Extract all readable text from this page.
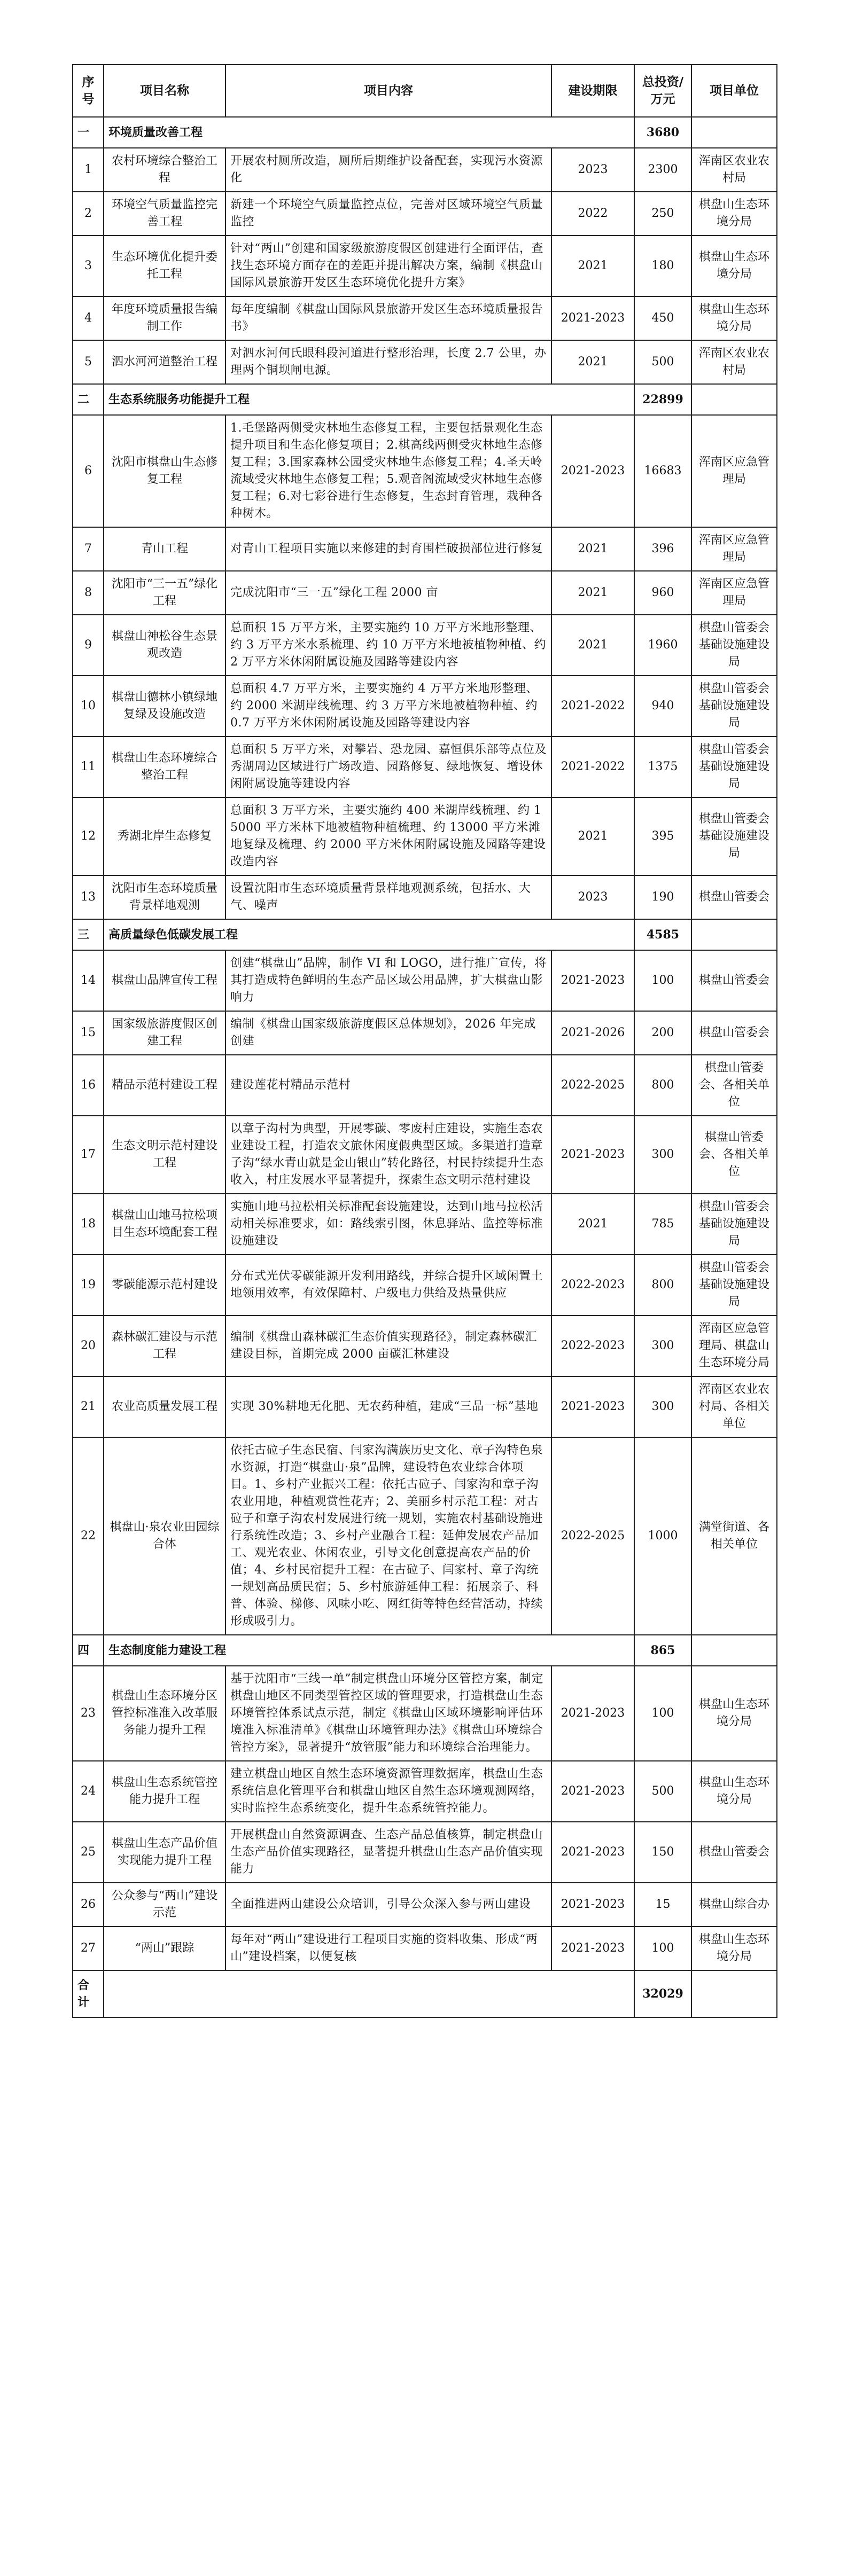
序号	项目名称	项目内容	建设期限	总投资/万元	项目单位
一	环境质量改善工程			3680	
1	农村环境综合整治工程	开展农村厕所改造，厕所后期维护设备配套，实现污水资源化	2023	2300	浑南区农业农村局
2	环境空气质量监控完善工程	新建一个环境空气质量监控点位，完善对区域环境空气质量监控	2022	250	棋盘山生态环境分局
3	生态环境优化提升委托工程	针对“两山”创建和国家级旅游度假区创建进行全面评估，查找生态环境方面存在的差距并提出解决方案，编制《棋盘山国际风景旅游开发区生态环境优化提升方案》	2021	180	棋盘山生态环境分局
4	年度环境质量报告编制工作	每年度编制《棋盘山国际风景旅游开发区生态环境质量报告书》	2021-2023	450	棋盘山生态环境分局
5	泗水河河道整治工程	对泗水河何氏眼科段河道进行整形治理，长度 2.7 公里，办理两个铜坝闸电源。	2021	500	浑南区农业农村局
二	生态系统服务功能提升工程			22899	
6	沈阳市棋盘山生态修复工程	1.毛堡路两侧受灾林地生态修复工程，主要包括景观化生态提升项目和生态化修复项目；2.棋高线两侧受灾林地生态修复工程；3.国家森林公园受灾林地生态修复工程；4.圣天岭流域受灾林地生态修复工程；5.观音阁流域受灾林地生态修复工程；6.对七彩谷进行生态修复，生态封育管理，栽种各种树木。	2021-2023	16683	浑南区应急管理局
7	青山工程	对青山工程项目实施以来修建的封育围栏破损部位进行修复	2021	396	浑南区应急管理局
8	沈阳市“三一五”绿化工程	完成沈阳市“三一五”绿化工程 2000 亩	2021	960	浑南区应急管理局
9	棋盘山神松谷生态景观改造	总面积 15 万平方米，主要实施约 10 万平方米地形整理、约 3 万平方米水系梳理、约 10 万平方米地被植物种植、约 2 万平方米休闲附属设施及园路等建设内容	2021	1960	棋盘山管委会基础设施建设局
10	棋盘山德林小镇绿地复绿及设施改造	总面积 4.7 万平方米，主要实施约 4 万平方米地形整理、约 2000 米湖岸线梳理、约 3 万平方米地被植物种植、约 0.7 万平方米休闲附属设施及园路等建设内容	2021-2022	940	棋盘山管委会基础设施建设局
11	棋盘山生态环境综合整治工程	总面积 5 万平方米，对攀岩、恐龙园、嘉恒俱乐部等点位及秀湖周边区域进行广场改造、园路修复、绿地恢复、增设休闲附属设施等建设内容	2021-2022	1375	棋盘山管委会基础设施建设局
12	秀湖北岸生态修复	总面积 3 万平方米，主要实施约 400 米湖岸线梳理、约 15000 平方米林下地被植物种植梳理、约 13000 平方米滩地复绿及梳理、约 2000 平方米休闲附属设施及园路等建设改造内容	2021	395	棋盘山管委会基础设施建设局
13	沈阳市生态环境质量背景样地观测	设置沈阳市生态环境质量背景样地观测系统，包括水、大气、噪声	2023	190	棋盘山管委会
三	高质量绿色低碳发展工程			4585	
14	棋盘山品牌宣传工程	创建“棋盘山”品牌，制作 VI 和 LOGO，进行推广宣传，将其打造成特色鲜明的生态产品区域公用品牌，扩大棋盘山影响力	2021-2023	100	棋盘山管委会
15	国家级旅游度假区创建工程	编制《棋盘山国家级旅游度假区总体规划》，2026 年完成创建	2021-2026	200	棋盘山管委会
16	精品示范村建设工程	建设莲花村精品示范村	2022-2025	800	棋盘山管委会、各相关单位
17	生态文明示范村建设工程	以章子沟村为典型，开展零碳、零废村庄建设，实施生态农业建设工程，打造农文旅休闲度假典型区域。多渠道打造章子沟“绿水青山就是金山银山”转化路径，村民持续提升生态收入，村庄发展水平显著提升，探索生态文明示范村建设	2021-2023	300	棋盘山管委会、各相关单位
18	棋盘山山地马拉松项目生态环境配套工程	实施山地马拉松相关标准配套设施建设，达到山地马拉松活动相关标准要求，如：路线索引图，休息驿站、监控等标准设施建设	2021	785	棋盘山管委会基础设施建设局
19	零碳能源示范村建设	分布式光伏零碳能源开发利用路线，并综合提升区域闲置土地领用效率，有效保障村、户级电力供给及热量供应	2022-2023	800	棋盘山管委会基础设施建设局
20	森林碳汇建设与示范工程	编制《棋盘山森林碳汇生态价值实现路径》，制定森林碳汇建设目标，首期完成 2000 亩碳汇林建设	2022-2023	300	浑南区应急管理局、棋盘山生态环境分局
21	农业高质量发展工程	实现 30%耕地无化肥、无农药种植，建成“三品一标”基地	2021-2023	300	浑南区农业农村局、各相关单位
22	棋盘山·泉农业田园综合体	依托古砬子生态民宿、闫家沟满族历史文化、章子沟特色泉水资源，打造“棋盘山·泉”品牌，建设特色农业综合体项目。1、乡村产业振兴工程：依托古砬子、闫家沟和章子沟农业用地，种植观赏性花卉；2、美丽乡村示范工程：对古砬子和章子沟农村发展进行统一规划，实施农村基础设施进行系统性改造；3、乡村产业融合工程：延伸发展农产品加工、观光农业、休闲农业，引导文化创意提高农产品的价值；4、乡村民宿提升工程：在古砬子、闫家村、章子沟统一规划高品质民宿；5、乡村旅游延伸工程：拓展亲子、科普、体验、梯修、风味小吃、网红街等特色经营活动，持续形成吸引力。	2022-2025	1000	满堂街道、各相关单位
四	生态制度能力建设工程			865	
23	棋盘山生态环境分区管控标准准入改革服务能力提升工程	基于沈阳市“三线一单”制定棋盘山环境分区管控方案，制定棋盘山地区不同类型管控区域的管理要求，打造棋盘山生态环境管控体系试点示范，制定《棋盘山区域环境影响评估环境准入标准清单》《棋盘山环境管理办法》《棋盘山环境综合管控方案》，显著提升“放管服”能力和环境综合治理能力。	2021-2023	100	棋盘山生态环境分局
24	棋盘山生态系统管控能力提升工程	建立棋盘山地区自然生态环境资源管理数据库，棋盘山生态系统信息化管理平台和棋盘山地区自然生态环境观测网络，实时监控生态系统变化，提升生态系统管控能力。	2021-2023	500	棋盘山生态环境分局
25	棋盘山生态产品价值实现能力提升工程	开展棋盘山自然资源调查、生态产品总值核算，制定棋盘山生态产品价值实现路径，显著提升棋盘山生态产品价值实现能力	2021-2023	150	棋盘山管委会
26	公众参与“两山”建设示范	全面推进两山建设公众培训，引导公众深入参与两山建设	2021-2023	15	棋盘山综合办
27	“两山”跟踪	每年对“两山”建设进行工程项目实施的资料收集、形成“两山”建设档案，以便复核	2021-2023	100	棋盘山生态环境分局
合计				32029	
